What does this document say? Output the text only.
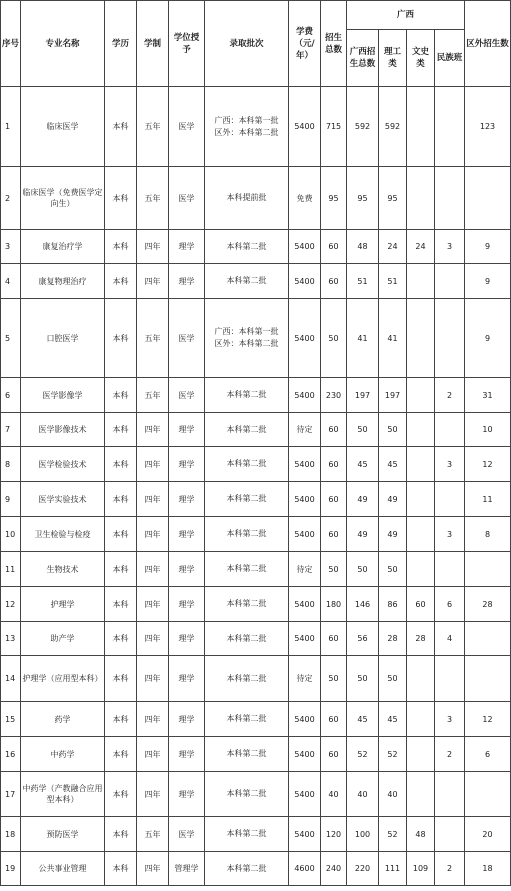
序号	专业名称	学历	学制	学位授予	录取批次	学费（元/年）	招生总数	广西				区外招生数
								广西招生总数	理工类	文史类	民族班	
1	临床医学	本科	五年	医学	广西：本科第一批
区外：本科第二批	5400	715	592	592			123
2	临床医学（免费医学定向生）	本科	五年	医学	本科提前批	免费	95	95	95			
3	康复治疗学	本科	四年	理学	本科第二批	5400	60	48	24	24	3	9
4	康复物理治疗	本科	四年	理学	本科第二批	5400	60	51	51			9
5	口腔医学	本科	五年	医学	广西：本科第一批
区外：本科第二批	5400	50	41	41			9
6	医学影像学	本科	五年	医学	本科第二批	5400	230	197	197		2	31
7	医学影像技术	本科	四年	理学	本科第二批	待定	60	50	50			10
8	医学检验技术	本科	四年	理学	本科第二批	5400	60	45	45		3	12
9	医学实验技术	本科	四年	理学	本科第二批	5400	60	49	49			11
10	卫生检验与检疫	本科	四年	理学	本科第二批	5400	60	49	49		3	8
11	生物技术	本科	四年	理学	本科第二批	待定	50	50	50			
12	护理学	本科	四年	理学	本科第二批	5400	180	146	86	60	6	28
13	助产学	本科	四年	理学	本科第二批	5400	60	56	28	28	4	
14	护理学（应用型本科）	本科	四年	理学	本科第二批	待定	50	50	50			
15	药学	本科	四年	理学	本科第二批	5400	60	45	45		3	12
16	中药学	本科	四年	理学	本科第二批	5400	60	52	52		2	6
17	中药学（产教融合应用型本科）	本科	四年	理学	本科第二批	5400	40	40	40			
18	预防医学	本科	五年	医学	本科第二批	5400	120	100	52	48		20
19	公共事业管理	本科	四年	管理学	本科第二批	4600	240	220	111	109	2	18
